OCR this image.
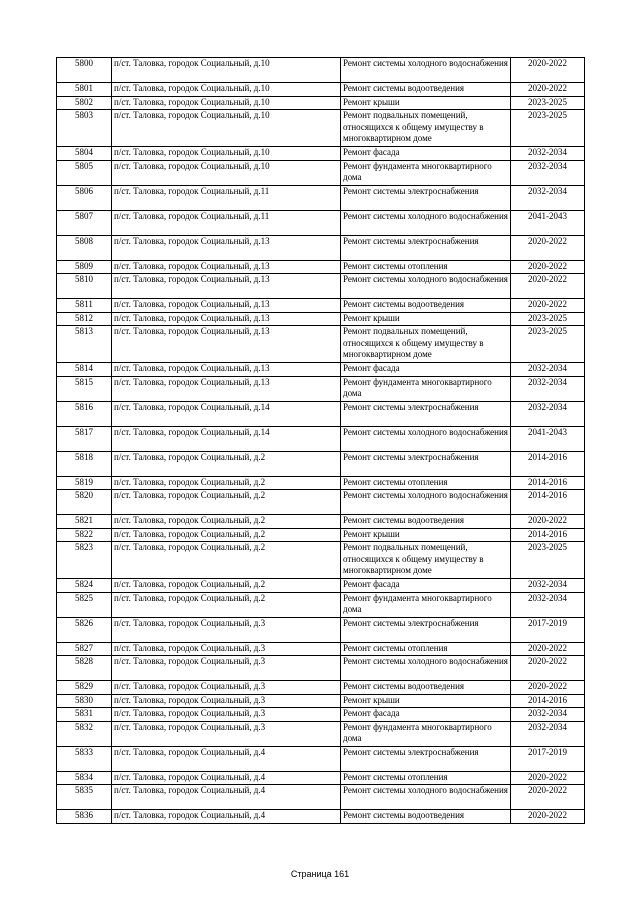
5800	п/ст. Таловка, городок Социальный, д.10	Ремонт системы холодного водоснабжения	2020-2022
5801	п/ст. Таловка, городок Социальный, д.10	Ремонт системы водоотведения	2020-2022
5802	п/ст. Таловка, городок Социальный, д.10	Ремонт крыши	2023-2025
5803	п/ст. Таловка, городок Социальный, д.10	Ремонт подвальных помещений, относящихся к общему имуществу в многоквартирном доме	2023-2025
5804	п/ст. Таловка, городок Социальный, д.10	Ремонт фасада	2032-2034
5805	п/ст. Таловка, городок Социальный, д.10	Ремонт фундамента многоквартирного дома	2032-2034
5806	п/ст. Таловка, городок Социальный, д.11	Ремонт системы электроснабжения	2032-2034
5807	п/ст. Таловка, городок Социальный, д.11	Ремонт системы холодного водоснабжения	2041-2043
5808	п/ст. Таловка, городок Социальный, д.13	Ремонт системы электроснабжения	2020-2022
5809	п/ст. Таловка, городок Социальный, д.13	Ремонт системы отопления	2020-2022
5810	п/ст. Таловка, городок Социальный, д.13	Ремонт системы холодного водоснабжения	2020-2022
5811	п/ст. Таловка, городок Социальный, д.13	Ремонт системы водоотведения	2020-2022
5812	п/ст. Таловка, городок Социальный, д.13	Ремонт крыши	2023-2025
5813	п/ст. Таловка, городок Социальный, д.13	Ремонт подвальных помещений, относящихся к общему имуществу в многоквартирном доме	2023-2025
5814	п/ст. Таловка, городок Социальный, д.13	Ремонт фасада	2032-2034
5815	п/ст. Таловка, городок Социальный, д.13	Ремонт фундамента многоквартирного дома	2032-2034
5816	п/ст. Таловка, городок Социальный, д.14	Ремонт системы электроснабжения	2032-2034
5817	п/ст. Таловка, городок Социальный, д.14	Ремонт системы холодного водоснабжения	2041-2043
5818	п/ст. Таловка, городок Социальный, д.2	Ремонт системы электроснабжения	2014-2016
5819	п/ст. Таловка, городок Социальный, д.2	Ремонт системы отопления	2014-2016
5820	п/ст. Таловка, городок Социальный, д.2	Ремонт системы холодного водоснабжения	2014-2016
5821	п/ст. Таловка, городок Социальный, д.2	Ремонт системы водоотведения	2020-2022
5822	п/ст. Таловка, городок Социальный, д.2	Ремонт крыши	2014-2016
5823	п/ст. Таловка, городок Социальный, д.2	Ремонт подвальных помещений, относящихся к общему имуществу в многоквартирном доме	2023-2025
5824	п/ст. Таловка, городок Социальный, д.2	Ремонт фасада	2032-2034
5825	п/ст. Таловка, городок Социальный, д.2	Ремонт фундамента многоквартирного дома	2032-2034
5826	п/ст. Таловка, городок Социальный, д.3	Ремонт системы электроснабжения	2017-2019
5827	п/ст. Таловка, городок Социальный, д.3	Ремонт системы отопления	2020-2022
5828	п/ст. Таловка, городок Социальный, д.3	Ремонт системы холодного водоснабжения	2020-2022
5829	п/ст. Таловка, городок Социальный, д.3	Ремонт системы водоотведения	2020-2022
5830	п/ст. Таловка, городок Социальный, д.3	Ремонт крыши	2014-2016
5831	п/ст. Таловка, городок Социальный, д.3	Ремонт фасада	2032-2034
5832	п/ст. Таловка, городок Социальный, д.3	Ремонт фундамента многоквартирного дома	2032-2034
5833	п/ст. Таловка, городок Социальный, д.4	Ремонт системы электроснабжения	2017-2019
5834	п/ст. Таловка, городок Социальный, д.4	Ремонт системы отопления	2020-2022
5835	п/ст. Таловка, городок Социальный, д.4	Ремонт системы холодного водоснабжения	2020-2022
5836	п/ст. Таловка, городок Социальный, д.4	Ремонт системы водоотведения	2020-2022
Страница 161
